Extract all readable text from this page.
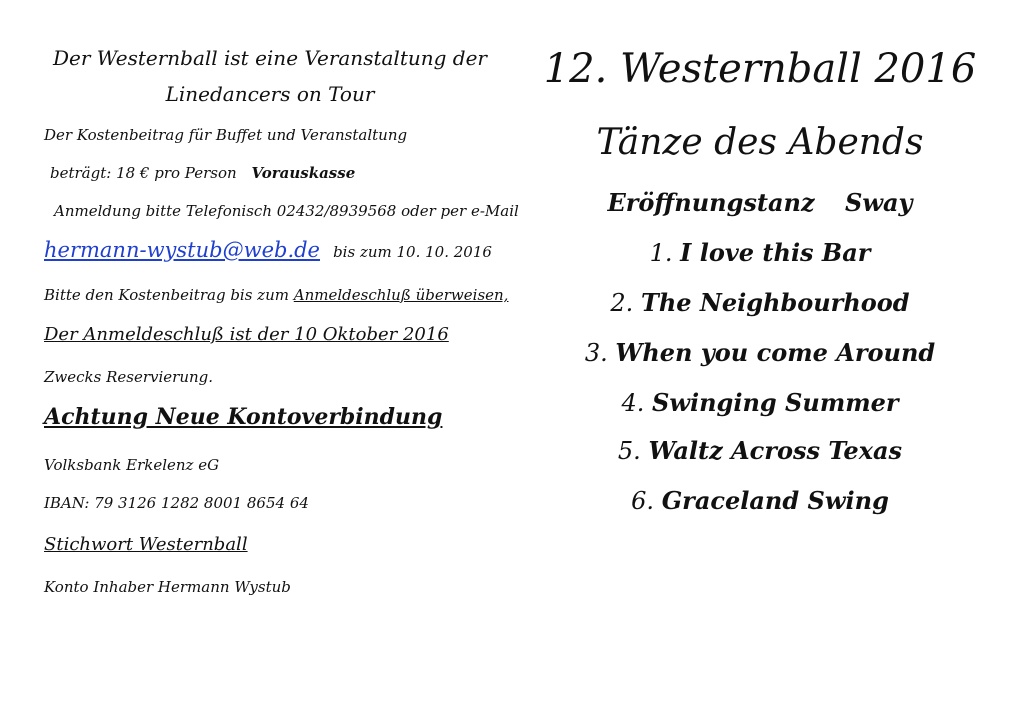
Der Westernball ist eine Veranstaltung der
Linedancers on Tour
Der Kostenbeitrag für Buffet und Veranstaltung
beträgt: 18 € pro Person Vorauskasse
Anmeldung bitte Telefonisch 02432/8939568 oder per e-Mail
hermann-wystub@web.de bis zum 10. 10. 2016
Bitte den Kostenbeitrag bis zum Anmeldeschluß überweisen,
Der Anmeldeschluß ist der 10 Oktober 2016
Zwecks Reservierung.
Achtung Neue Kontoverbindung
Volksbank Erkelenz eG
IBAN: 79 3126 1282 8001 8654 64
Stichwort Westernball
Konto Inhaber Hermann Wystub
12. Westernball 2016
Tänze des Abends
Eröffnungstanz Sway
1. I love this Bar
2. The Neighbourhood
3. When you come Around
4. Swinging Summer
5. Waltz Across Texas
6. Graceland Swing
